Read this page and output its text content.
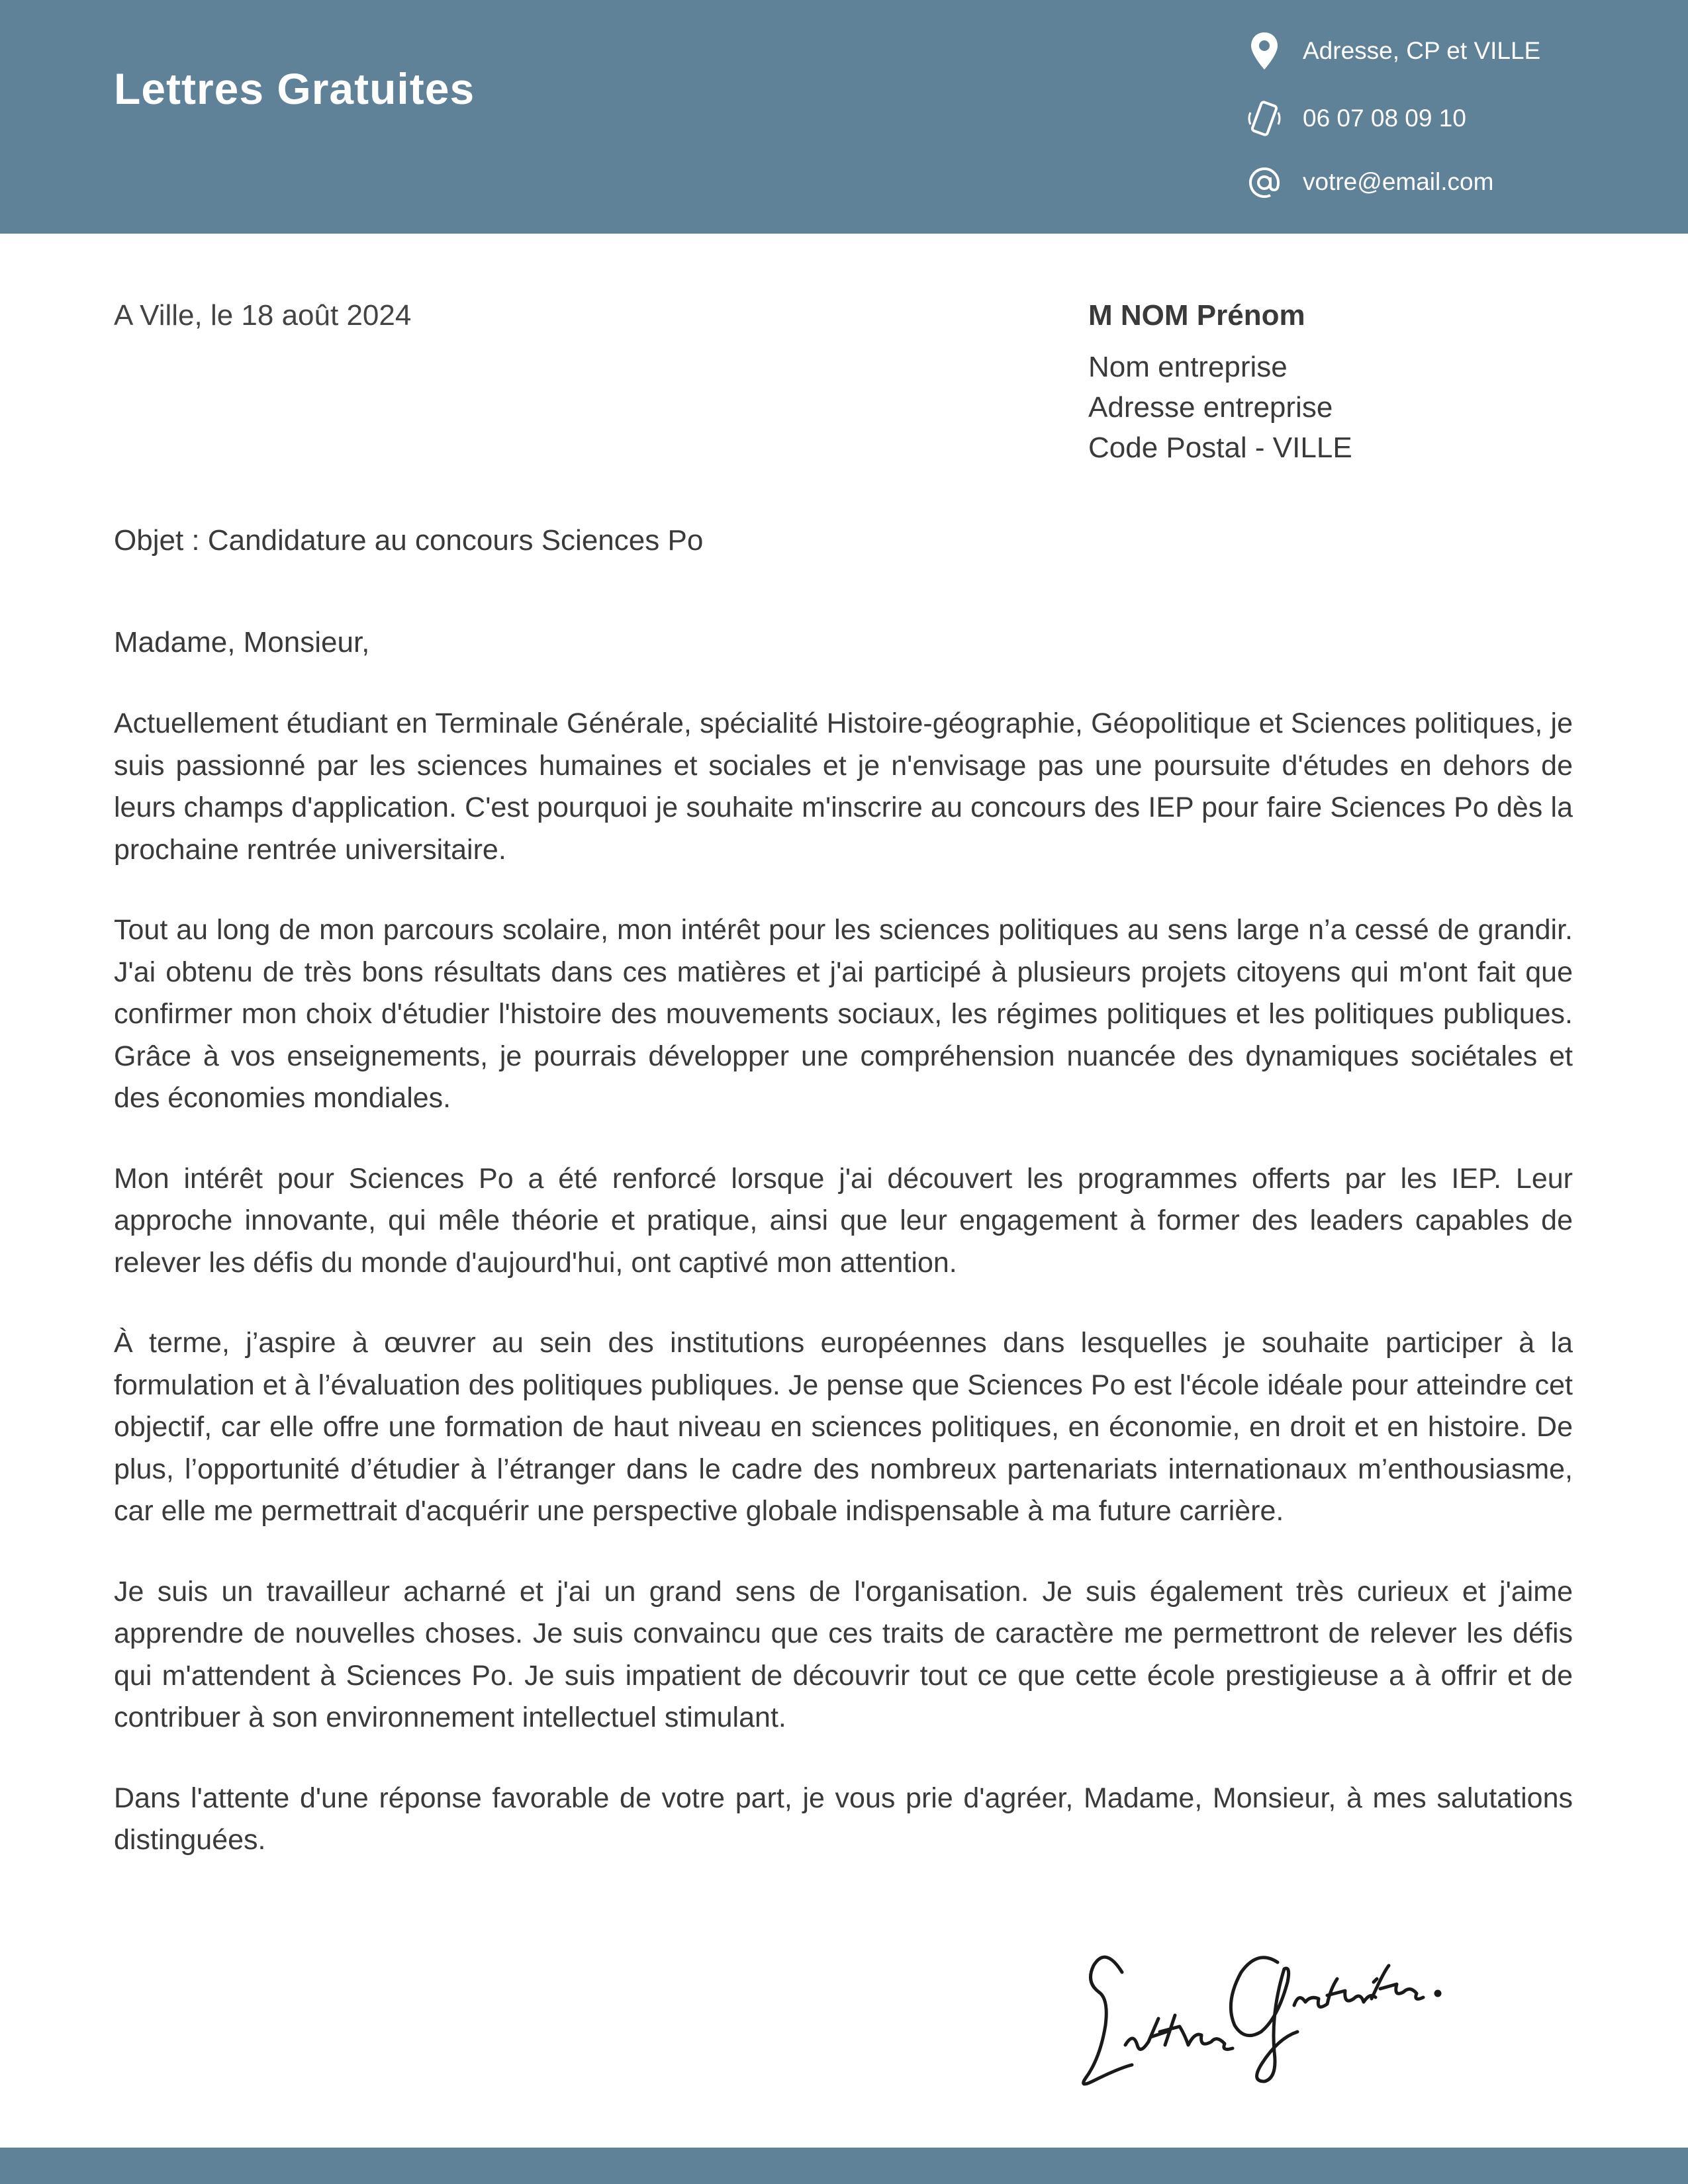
Lettres Gratuites
Adresse, CP et VILLE
06 07 08 09 10
votre@email.com
A Ville, le 18 août 2024	M NOM Prénom
Nom entreprise
Adresse entreprise
Code Postal - VILLE
Objet : Candidature au concours Sciences Po
Madame, Monsieur,

Actuellement étudiant en Terminale Générale, spécialité Histoire-géographie, Géopolitique et Sciences politiques, je suis passionné par les sciences humaines et sociales et je n'envisage pas une poursuite d'études en dehors de leurs champs d'application. C'est pourquoi je souhaite m'inscrire au concours des IEP pour faire Sciences Po dès la prochaine rentrée universitaire.

Tout au long de mon parcours scolaire, mon intérêt pour les sciences politiques au sens large n’a cessé de grandir. J'ai obtenu de très bons résultats dans ces matières et j'ai participé à plusieurs projets citoyens qui m'ont fait que confirmer mon choix d'étudier l'histoire des mouvements sociaux, les régimes politiques et les politiques publiques. Grâce à vos enseignements, je pourrais développer une compréhension nuancée des dynamiques sociétales et des économies mondiales.

Mon intérêt pour Sciences Po a été renforcé lorsque j'ai découvert les programmes offerts par les IEP. Leur approche innovante, qui mêle théorie et pratique, ainsi que leur engagement à former des leaders capables de relever les défis du monde d'aujourd'hui, ont captivé mon attention.

À terme, j’aspire à œuvrer au sein des institutions européennes dans lesquelles je souhaite participer à la formulation et à l’évaluation des politiques publiques. Je pense que Sciences Po est l'école idéale pour atteindre cet objectif, car elle offre une formation de haut niveau en sciences politiques, en économie, en droit et en histoire. De plus, l’opportunité d’étudier à l’étranger dans le cadre des nombreux partenariats internationaux m’enthousiasme, car elle me permettrait d'acquérir une perspective globale indispensable à ma future carrière.

Je suis un travailleur acharné et j'ai un grand sens de l'organisation. Je suis également très curieux et j'aime apprendre de nouvelles choses. Je suis convaincu que ces traits de caractère me permettront de relever les défis qui m'attendent à Sciences Po. Je suis impatient de découvrir tout ce que cette école prestigieuse a à offrir et de contribuer à son environnement intellectuel stimulant.

Dans l'attente d'une réponse favorable de votre part, je vous prie d'agréer, Madame, Monsieur, à mes salutations distinguées.
